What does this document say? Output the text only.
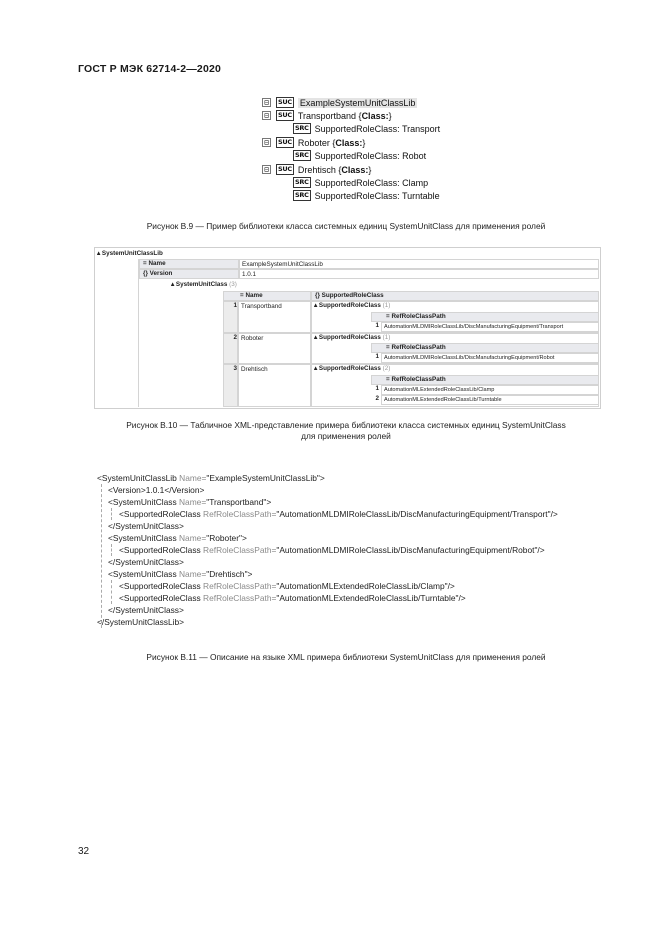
ГОСТ Р МЭК 62714-2—2020
⊟	SUC ExampleSystemUnitClassLib
⊟	SUC Transportband { Class: }
SRC SupportedRoleClass: Transport
⊟	SUC Roboter { Class: }
SRC SupportedRoleClass: Robot
⊟	SUC Drehtisch { Class: }
SRC SupportedRoleClass: Clamp
SRC SupportedRoleClass: Turntable
Рисунок В.9 — Пример библиотеки класса системных единиц SystemUnitClass для применения ролей
▴ SystemUnitClassLib
= Name	ExampleSystemUnitClassLib
{} Version	1.0.1
▴ SystemUnitClass (3)
= Name	{} SupportedRoleClass
1 Transportband	▴ SupportedRoleClass (1)
= RefRoleClassPath
1 AutomationMLDMIRoleClassLib/DiscManufacturingEquipment/Transport
2 Roboter	▴ SupportedRoleClass (1)
= RefRoleClassPath
1 AutomationMLDMIRoleClassLib/DiscManufacturingEquipment/Robot
3 Drehtisch	▴ SupportedRoleClass (2)
= RefRoleClassPath
1 AutomationMLExtendedRoleClassLib/Clamp
2 AutomationMLExtendedRoleClassLib/Turntable
Рисунок В.10 — Табличное XML-представление примера библиотеки класса системных единиц SystemUnitClass
для применения ролей
<SystemUnitClassLib Name="ExampleSystemUnitClassLib">
<Version>1.0.1</Version>
<SystemUnitClass Name="Transportband">
<SupportedRoleClass RefRoleClassPath="AutomationMLDMIRoleClassLib/DiscManufacturingEquipment/Transport"/>
</SystemUnitClass>
<SystemUnitClass Name="Roboter">
<SupportedRoleClass RefRoleClassPath="AutomationMLDMIRoleClassLib/DiscManufacturingEquipment/Robot"/>
</SystemUnitClass>
<SystemUnitClass Name="Drehtisch">
<SupportedRoleClass RefRoleClassPath="AutomationMLExtendedRoleClassLib/Clamp"/>
<SupportedRoleClass RefRoleClassPath="AutomationMLExtendedRoleClassLib/Turntable"/>
</SystemUnitClass>
</SystemUnitClassLib>
Рисунок В.11 — Описание на языке XML примера библиотеки SystemUnitClass для применения ролей
32
